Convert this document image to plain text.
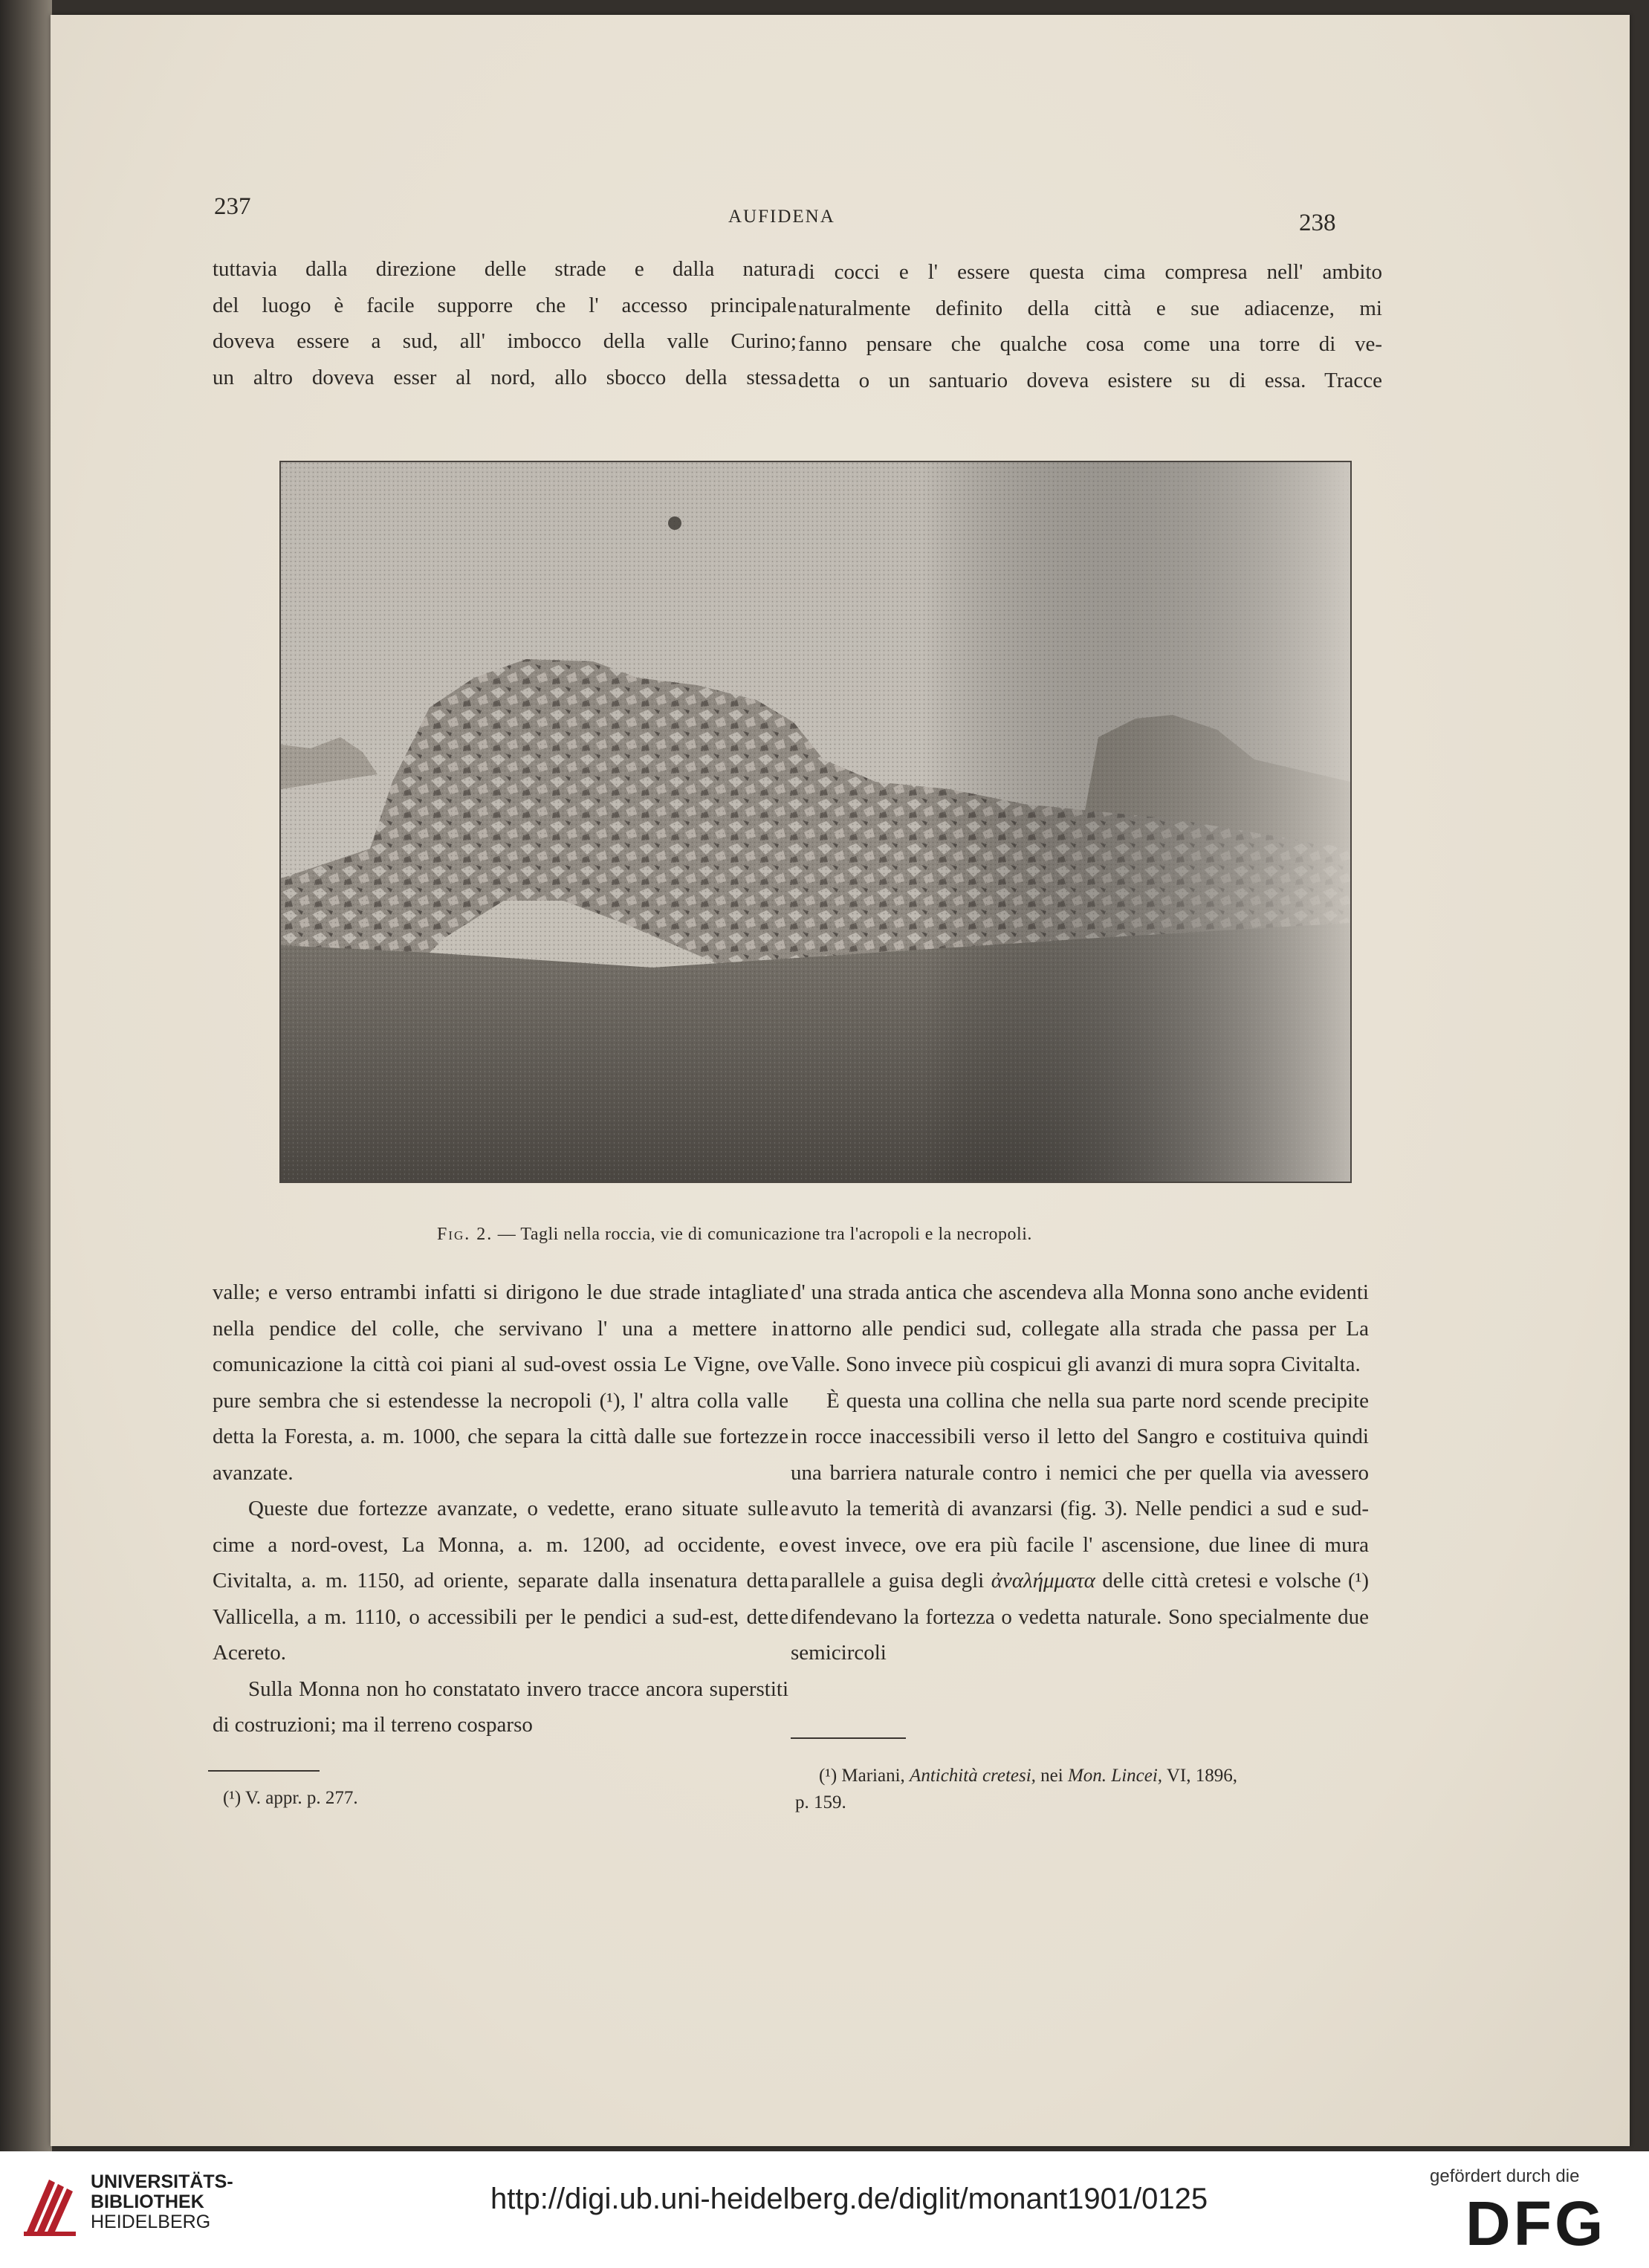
237	AUFIDENA	238
tuttavia dalla direzione delle strade e dalla natura
del luogo è facile supporre che l' accesso principale
doveva essere a sud, all' imbocco della valle Curino;
un altro doveva esser al nord, allo sbocco della stessa
di cocci e l' essere questa cima compresa nell' ambito
naturalmente definito della città e sue adiacenze, mi
fanno pensare che qualche cosa come una torre di ve-
detta o un santuario doveva esistere su di essa. Tracce
Fig. 2. — Tagli nella roccia, vie di comunicazione tra l'acropoli e la necropoli.

valle; e verso entrambi infatti si dirigono le due strade intagliate nella pendice del colle, che servivano l' una a mettere in comunicazione la città coi piani al sud-ovest ossia Le Vigne, ove pure sembra che si estendesse la necropoli (¹), l' altra colla valle detta la Foresta, a. m. 1000, che separa la città dalle sue fortezze avanzate.

Queste due fortezze avanzate, o vedette, erano situate sulle cime a nord-ovest, La Monna, a. m. 1200, ad occidente, e Civitalta, a. m. 1150, ad oriente, separate dalla insenatura detta Vallicella, a m. 1110, o accessibili per le pendici a sud-est, dette Acereto.

Sulla Monna non ho constatato invero tracce ancora superstiti di costruzioni; ma il terreno cosparso

d' una strada antica che ascendeva alla Monna sono anche evidenti attorno alle pendici sud, collegate alla strada che passa per La Valle. Sono invece più cospicui gli avanzi di mura sopra Civitalta.

È questa una collina che nella sua parte nord scende precipite in rocce inaccessibili verso il letto del Sangro e costituiva quindi una barriera naturale contro i nemici che per quella via avessero avuto la temerità di avanzarsi (fig. 3). Nelle pendici a sud e sud-ovest invece, ove era più facile l' ascensione, due linee di mura parallele a guisa degli ἀναλήμματα delle città cretesi e volsche (¹) difendevano la fortezza o vedetta naturale. Sono specialmente due semicircoli

(¹) V. appr. p. 277.
(¹) Mariani, Antichità cretesi, nei Mon. Lincei, VI, 1896,
p. 159.
UNIVERSITÄTS-
BIBLIOTHEK
HEIDELBERG
http://digi.ub.uni-heidelberg.de/diglit/monant1901/0125
gefördert durch die
DFG
